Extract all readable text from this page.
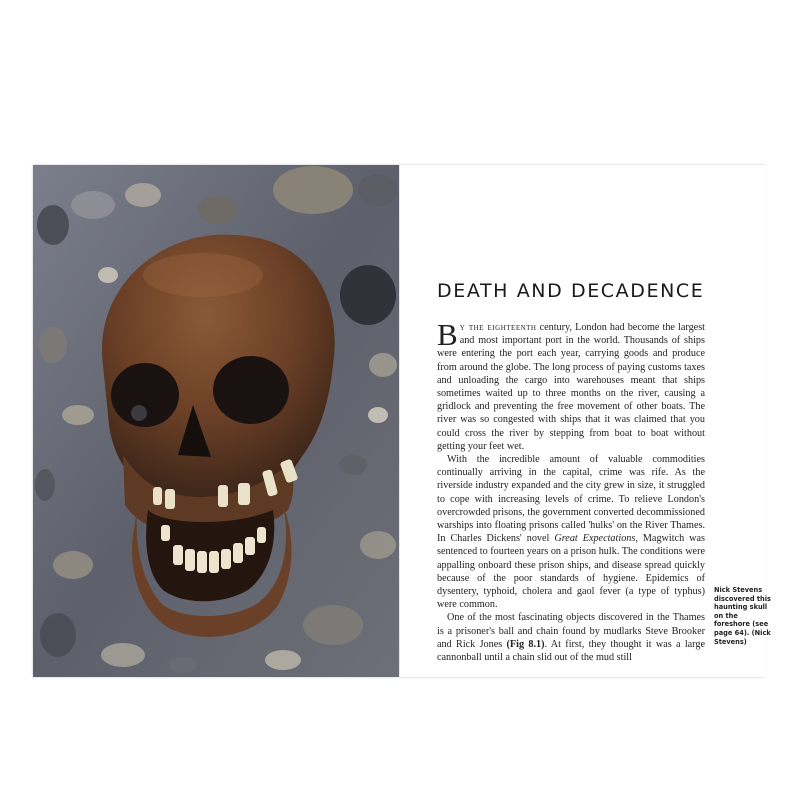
DEATH AND DECADENCE

By the eighteenth century, London had become the largest and most important port in the world. Thousands of ships were entering the port each year, carrying goods and produce from around the globe. The long process of paying customs taxes and unloading the cargo into warehouses meant that ships sometimes waited up to three months on the river, causing a gridlock and preventing the free movement of other boats. The river was so congested with ships that it was claimed that you could cross the river by stepping from boat to boat without getting your feet wet.

With the incredible amount of valuable commodities continually arriving in the capital, crime was rife. As the riverside industry expanded and the city grew in size, it struggled to cope with increasing levels of crime. To relieve London's overcrowded prisons, the government converted decommissioned warships into floating prisons called 'hulks' on the River Thames. In Charles Dickens' novel Great Expectations, Magwitch was sentenced to fourteen years on a prison hulk. The conditions were appalling onboard these prison ships, and disease spread quickly because of the poor standards of hygiene. Epidemics of dysentery, typhoid, cholera and gaol fever (a type of typhus) were common.

One of the most fascinating objects discovered in the Thames is a prisoner's ball and chain found by mudlarks Steve Brooker and Rick Jones (Fig 8.1). At first, they thought it was a large cannonball until a chain slid out of the mud still

Nick Stevens discovered this haunting skull on the foreshore (see page 64). (Nick Stevens)
